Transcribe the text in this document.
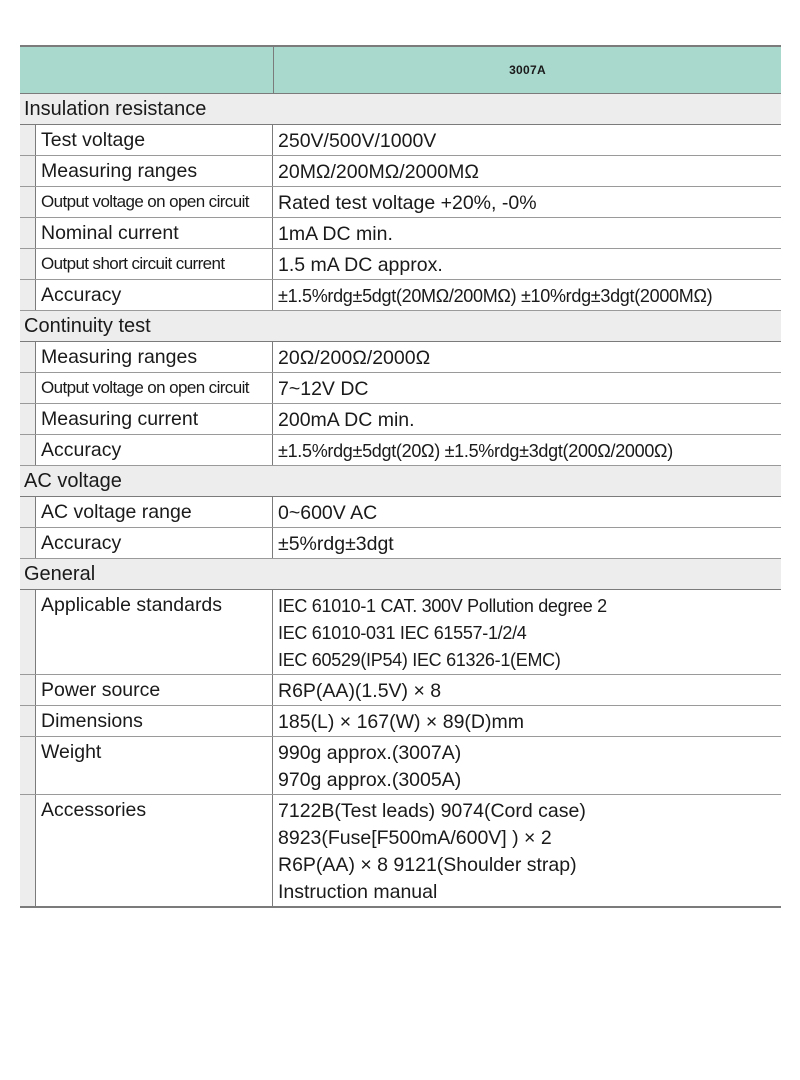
3007A
Insulation resistance
Test voltage	250V/500V/1000V
Measuring ranges	20MΩ/200MΩ/2000MΩ
Output voltage on open circuit	Rated test voltage +20%, -0%
Nominal current	1mA DC min.
Output short circuit current	1.5 mA DC approx.
Accuracy	±1.5%rdg±5dgt(20MΩ/200MΩ) ±10%rdg±3dgt(2000MΩ)
Continuity test
Measuring ranges	20Ω/200Ω/2000Ω
Output voltage on open circuit	7~12V DC
Measuring current	200mA DC min.
Accuracy	±1.5%rdg±5dgt(20Ω) ±1.5%rdg±3dgt(200Ω/2000Ω)
AC voltage
AC voltage range	0~600V AC
Accuracy	±5%rdg±3dgt
General
Applicable standards	IEC 61010-1 CAT. 300V Pollution degree 2
IEC 61010-031 IEC 61557-1/2/4
IEC 60529(IP54) IEC 61326-1(EMC)
Power source	R6P(AA)(1.5V) × 8
Dimensions	185(L) × 167(W) × 89(D)mm
Weight	990g approx.(3007A)
970g approx.(3005A)
Accessories	7122B(Test leads) 9074(Cord case)
8923(Fuse[F500mA/600V] ) × 2
R6P(AA) × 8 9121(Shoulder strap)
Instruction manual
